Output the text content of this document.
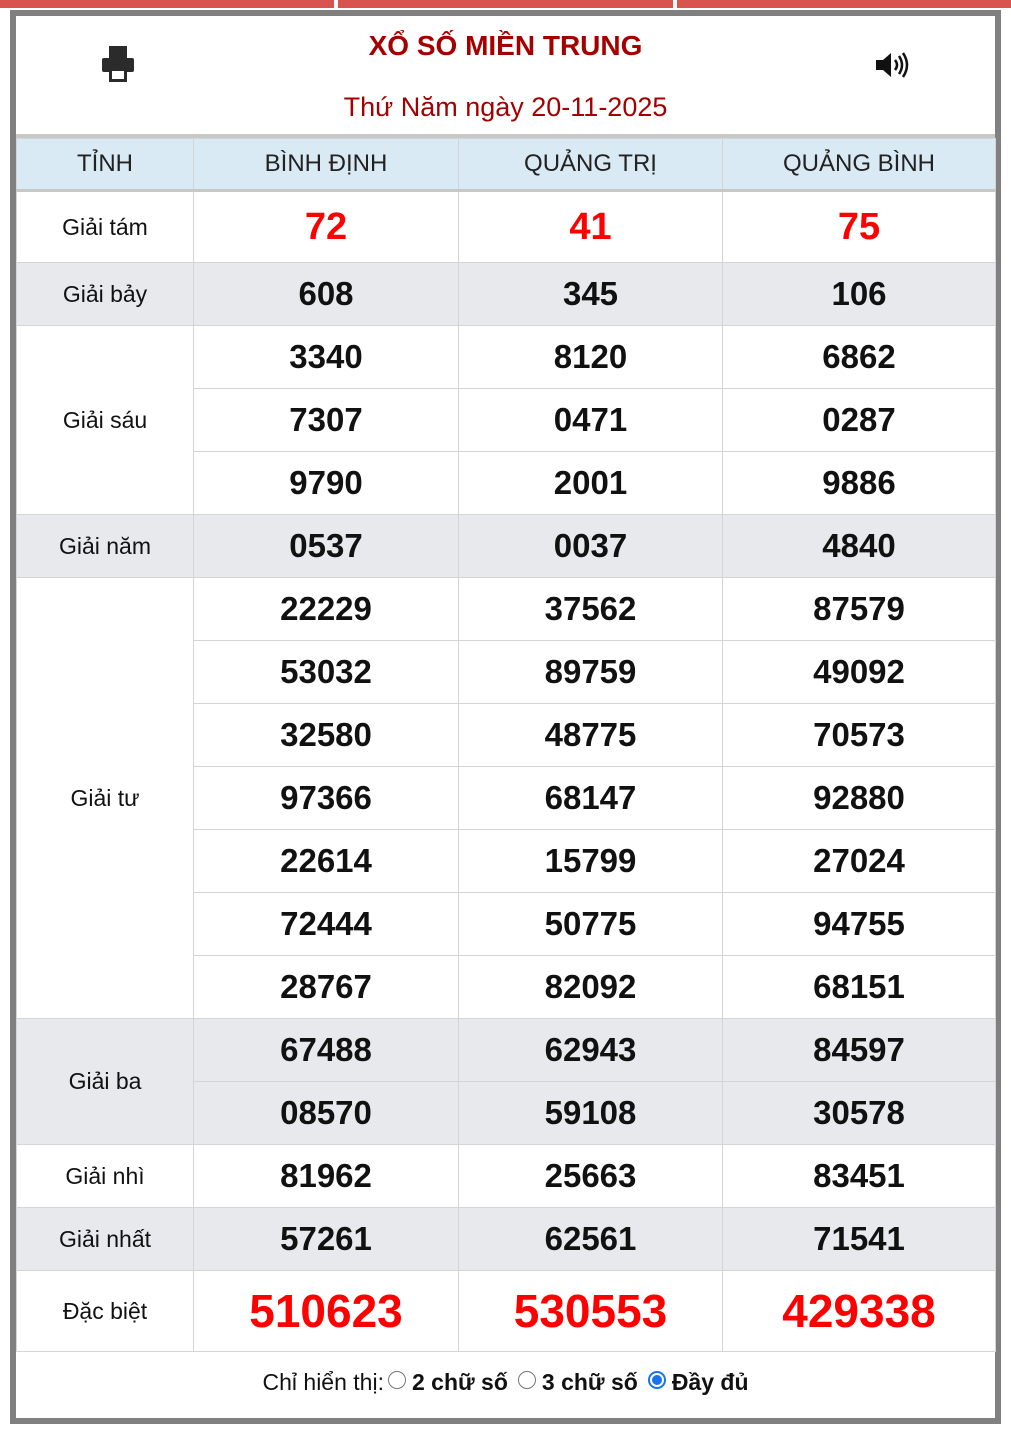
XỔ SỐ MIỀN TRUNG
Thứ Năm ngày 20-11-2025
TỈNH	BÌNH ĐỊNH	QUẢNG TRỊ	QUẢNG BÌNH
Giải tám	72	41	75
Giải bảy	608	345	106
Giải sáu	3340	8120	6862
	7307	0471	0287
	9790	2001	9886
Giải năm	0537	0037	4840
Giải tư	22229	37562	87579
	53032	89759	49092
	32580	48775	70573
	97366	68147	92880
	22614	15799	27024
	72444	50775	94755
	28767	82092	68151
Giải ba	67488	62943	84597
	08570	59108	30578
Giải nhì	81962	25663	83451
Giải nhất	57261	62561	71541
Đặc biệt	510623	530553	429338
Chỉ hiển thị: 2 chữ số 3 chữ số Đầy đủ
